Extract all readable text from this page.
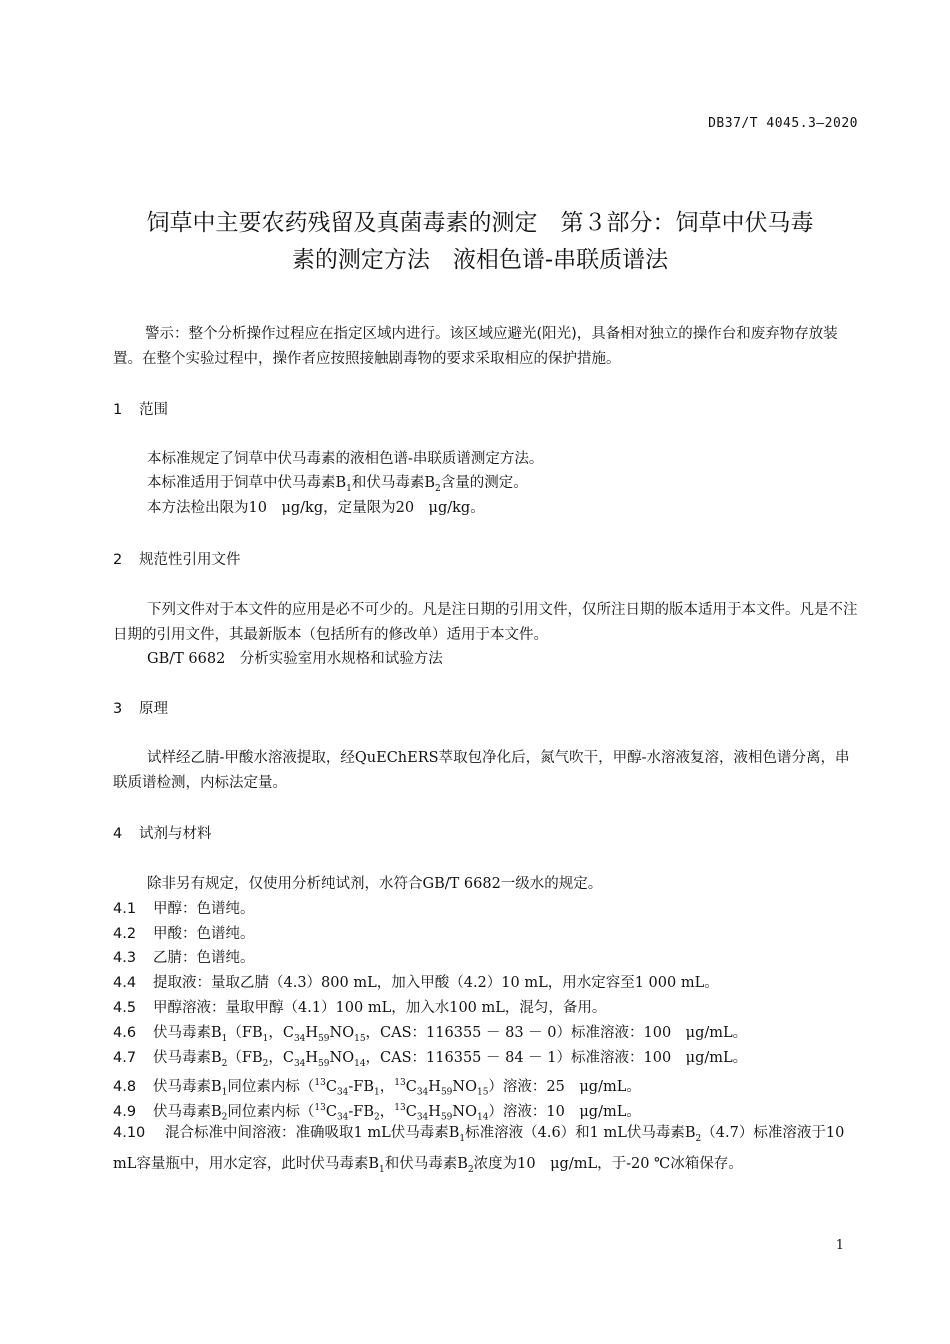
DB37/T 4045.3—2020
饲草中主要农药残留及真菌毒素的测定　第３部分：饲草中伏马毒
素的测定方法　液相色谱-串联质谱法
警示：整个分析操作过程应在指定区域内进行。该区域应避光(阳光)，具备相对独立的操作台和废弃物存放装置。在整个实验过程中，操作者应按照接触剧毒物的要求采取相应的保护措施。
1 范围
本标准规定了饲草中伏马毒素的液相色谱-串联质谱测定方法。
本标准适用于饲草中伏马毒素$B_1$和伏马毒素$B_2$含量的测定。
本方法检出限为10　μg/kg，定量限为20　μg/kg。
2 规范性引用文件
下列文件对于本文件的应用是必不可少的。凡是注日期的引用文件，仅所注日期的版本适用于本文件。凡是不注日期的引用文件，其最新版本（包括所有的修改单）适用于本文件。
GB/T 6682　分析实验室用水规格和试验方法
3 原理
试样经乙腈-甲酸水溶液提取，经QuEChERS萃取包净化后，氮气吹干，甲醇-水溶液复溶，液相色谱分离，串联质谱检测，内标法定量。
4 试剂与材料
除非另有规定，仅使用分析纯试剂，水符合GB/T 6682一级水的规定。
4.1 甲醇：色谱纯。
4.2 甲酸：色谱纯。
4.3 乙腈：色谱纯。
4.4 提取液：量取乙腈（4.3）800 mL，加入甲酸（4.2）10 mL，用水定容至1 000 mL。
4.5 甲醇溶液：量取甲醇（4.1）100 mL，加入水100 mL，混匀，备用。
4.6 伏马毒素$B_1(FB_1$，$C_{34}H_{59}NO_{15}$，CAS：116355 － 83 － 0）标准溶液：100　μg/mL。
4.7 伏马毒素$B_2(FB_2$，$C_{34}H_{59}NO_{14}$，CAS：116355 － 84 － 1）标准溶液：100　μg/mL。
4.8 伏马毒素$B_1$同位素内标（$^{13}C_{34}-FB_1$，$^{13}C_{34}H_{59}NO_{15}$）溶液：25　μg/mL。
4.9 伏马毒素$B_2$同位素内标（$^{13}C_{34}-FB_2$，$^{13}C_{34}H_{59}NO_{14}$）溶液：10　μg/mL。
4.10 混合标准中间溶液：准确吸取1 mL伏马毒素$B_1$标准溶液（4.6）和1 mL伏马毒素$B_2(4.7)$标准溶液于10 mL容量瓶中，用水定容，此时伏马毒素$B_1$和伏马毒素$B_2$浓度为10　μg/mL，于-20 ℃冰箱保存。
1
